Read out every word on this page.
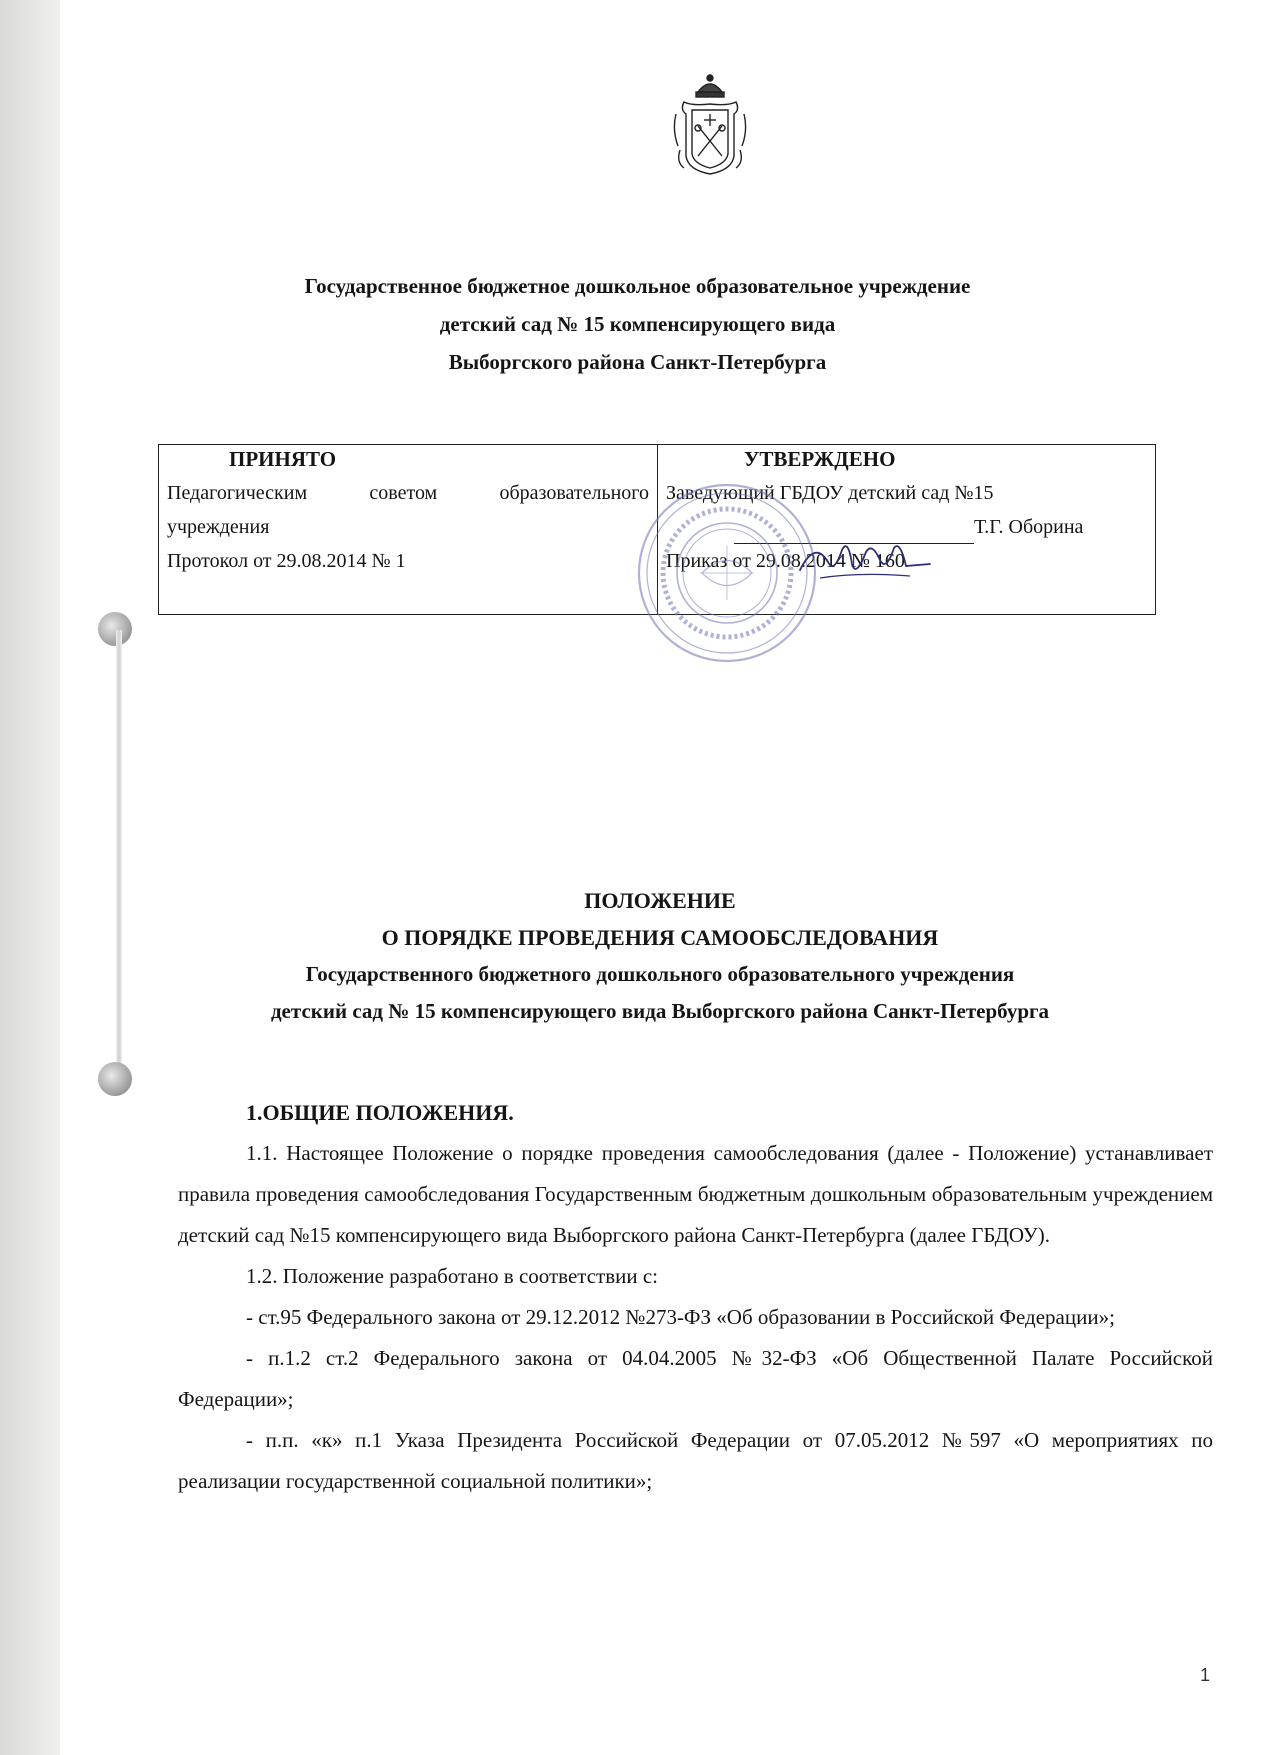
Государственное бюджетное дошкольное образовательное учреждение
детский сад № 15 компенсирующего вида
Выборгского района Санкт-Петербурга
ПРИНЯТО
Педагогическим советом образовательного
учреждения
Протокол от 29.08.2014 № 1
УТВЕРЖДЕНО
Заведующий ГБДОУ детский сад №15
Т.Г. Оборина
Приказ от 29.08.2014 № 160
ПОЛОЖЕНИЕ
О ПОРЯДКЕ ПРОВЕДЕНИЯ САМООБСЛЕДОВАНИЯ
Государственного бюджетного дошкольного образовательного учреждения
детский сад № 15 компенсирующего вида Выборгского района Санкт-Петербурга
1.ОБЩИЕ ПОЛОЖЕНИЯ.

1.1. Настоящее Положение о порядке проведения самообследования (далее - Положение) устанавливает правила проведения самообследования Государственным бюджетным дошкольным образовательным учреждением детский сад №15 компенсирующего вида Выборгского района Санкт-Петербурга (далее ГБДОУ).

1.2. Положение разработано в соответствии с:

- ст.95 Федерального закона от 29.12.2012 №273-ФЗ «Об образовании в Российской Федерации»;

- п.1.2 ст.2 Федерального закона от 04.04.2005 №32-ФЗ «Об Общественной Палате Российской Федерации»;

- п.п. «к» п.1 Указа Президента Российской Федерации от 07.05.2012 №597 «О мероприятиях по реализации государственной социальной политики»;

1
